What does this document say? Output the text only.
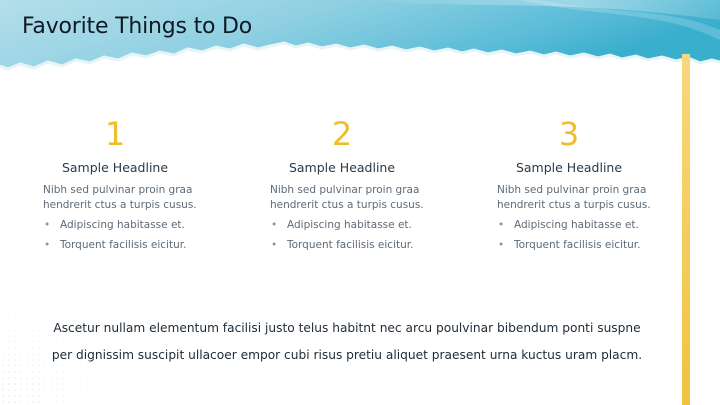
Favorite Things to Do
1
Sample Headline
Nibh sed pulvinar proin graa hendrerit ctus a turpis cusus.
• Adipiscing habitasse et.
• Torquent facilisis eicitur.
2
Sample Headline
Nibh sed pulvinar proin graa hendrerit ctus a turpis cusus.
• Adipiscing habitasse et.
• Torquent facilisis eicitur.
3
Sample Headline
Nibh sed pulvinar proin graa hendrerit ctus a turpis cusus.
• Adipiscing habitasse et.
• Torquent facilisis eicitur.
Ascetur nullam elementum facilisi justo telus habitnt nec arcu poulvinar bibendum ponti suspne
per dignissim suscipit ullacoer empor cubi risus pretiu aliquet praesent urna kuctus uram placm.
